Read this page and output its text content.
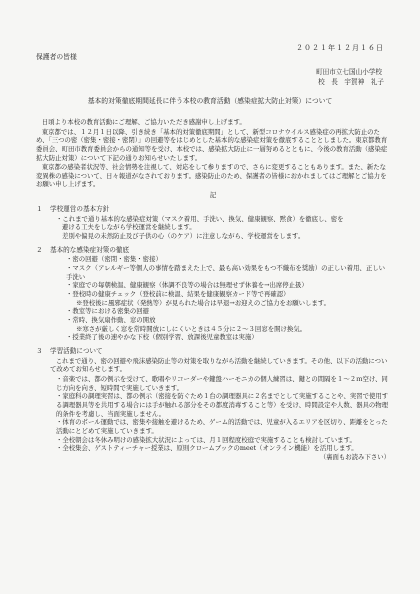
２０２１年１２月１６日
保護者の皆様
町田市立七国山小学校
校　長　宇賀神　礼子
基本的対策徹底期間延長に伴う本校の教育活動（感染症拡大防止対策）について

日頃より本校の教育活動にご理解、ご協力いただき感謝申し上げます。

東京都では、１２月１日以降、引き続き「基本的対策徹底期間」として、新型コロナウイルス感染症の再拡大防止のため、「三つの密（密集・密接・密閉）」の回避等をはじめとした基本的な感染症対策を徹底することとしました。東京都教育委員会、町田市教育委員会からの通知等を受け、本校では、感染拡大防止に一層努めるとともに、今後の教育活動（感染症拡大防止対策）について下記の通りお知らせいたします。

東京都の感染者状況等、社会情勢を注視して、対応をして参りますので、さらに変更することもあります。また、新たな変異株の感染について、日々報道がなされております。感染防止のため、保護者の皆様におかれましてはご理解とご協力をお願い申し上げます。

記
１ 学校運営の基本方針
・これまで通り基本的な感染症対策（マスク着用、手洗い、換気、健康観察、黙食）を徹底し、密を
避ける工夫をしながら学校運営を継続します。
差別や偏見の未然防止及び子供の心（のケア）に注意しながら、学校運営をします。
２ 基本的な感染症対策の徹底
・密の回避（密閉・密集・密接）
・マスク（アレルギー等個人の事情を踏まえた上で、最も高い効果をもつ不織布を奨励）の正しい着用、正しい手洗い
・家庭での毎朝検温、健康観察（体調不良等の場合は無理せず休養を→出席停止扱）
・登校時の健康チェック（登校前に検温、結果を健康観察カード等で再確認）
※登校後に風邪症状（発熱等）が見られた場合は早退→お迎えのご協力をお願いします。
・教室等における密集の回避
・常時、換気扇作動、窓の開放
※寒さが厳しく窓を常時開放にしにくいときは４５分に２～３回窓を開け換気。
・授業終了後の速やかな下校（個別学習、放課後児童教室は実施）
３ 学習活動について

これまで通り、密の回避や飛沫感染防止等の対策を取りながら活動を継続していきます。その他、以下の活動について改めてお知らせします。

・音楽では、都の例示を受けて、歌唱やリコーダーや鍵盤ハーモニカの個人練習は、鍵との間隔を１～２ｍ空け、同じ方向を向き、短時間で実施していきます。
・家庭科の調理実習は、都の例示（密接を防ぐため１台の調理器具に２名までとして実施することや、実習で使用する調理器具等を共用する場合には手が触れる部分をその都度消毒すること等）を受け、時間設定や人数、器具の物理的条件を考慮し、当面実施しません。
・体育のボール運動では、密集や接触を避けるため、ゲーム的活動では、児童が入るエリアを区切り、距離をとった活動にとどめて実施していきます。
・全校朝会は冬休み明けの感染拡大状況によっては、月１回程度校庭で実施することも検討しています。
・全校集会、ゲストティーチャー授業は、原則クロームブックのmeet（オンライン機能）を活用します。
（裏面もお読み下さい）
